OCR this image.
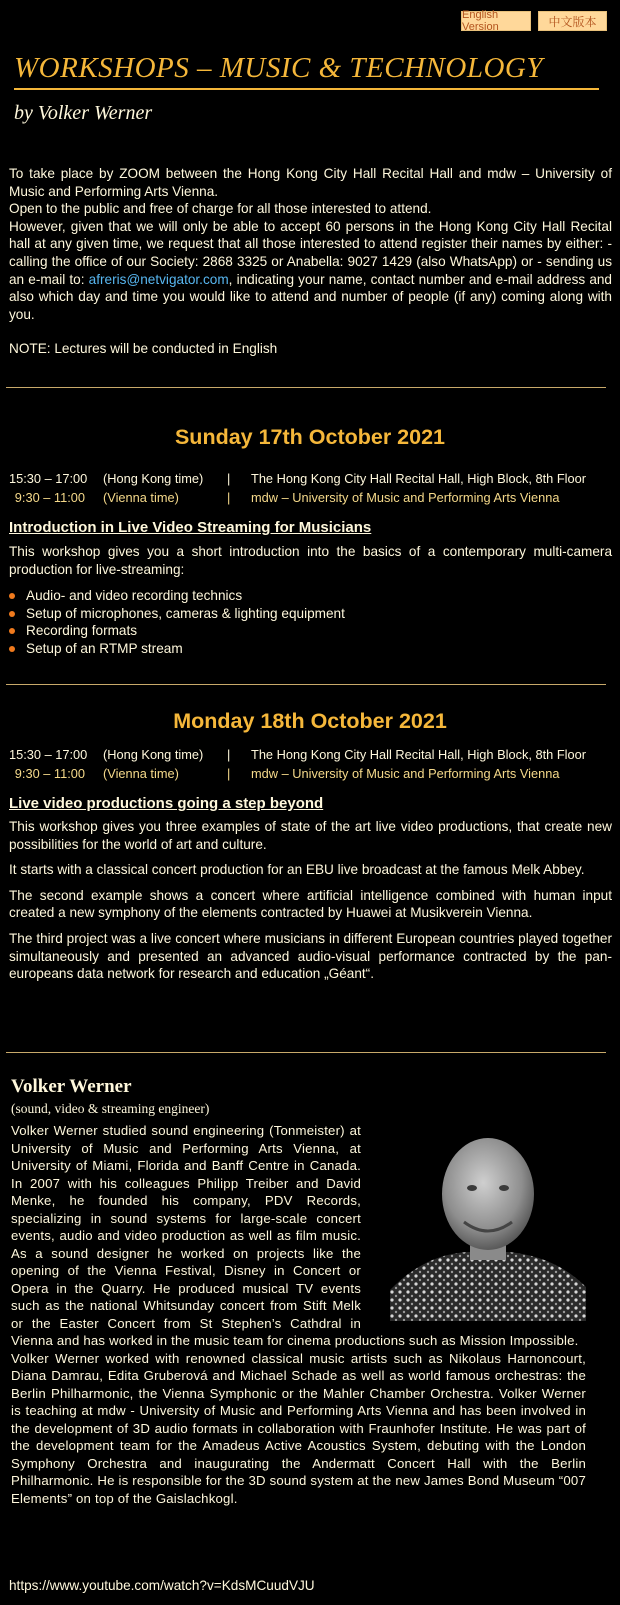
English Version	中文版本
WORKSHOPS – MUSIC & TECHNOLOGY
by Volker Werner

To take place by ZOOM between the Hong Kong City Hall Recital Hall and mdw – University of Music and Performing Arts Vienna.

Open to the public and free of charge for all those interested to attend.

However, given that we will only be able to accept 60 persons in the Hong Kong City Hall Recital hall at any given time, we request that all those interested to attend register their names by either: - calling the office of our Society: 2868 3325 or Anabella: 9027 1429 (also WhatsApp) or - sending us an e-mail to: afreris@netvigator.com, indicating your name, contact number and e-mail address and also which day and time you would like to attend and number of people (if any) coming along with you.

NOTE: Lectures will be conducted in English

Sunday 17th October 2021
15:30 – 17:00 (Hong Kong time) | The Hong Kong City Hall Recital Hall, High Block, 8th Floor
9:30 – 11:00 (Vienna time)	| mdw – University of Music and Performing Arts Vienna
Introduction in Live Video Streaming for Musicians

This workshop gives you a short introduction into the basics of a contemporary multi-camera production for live-streaming:

Audio- and video recording technics
Setup of microphones, cameras & lighting equipment
Recording formats
Setup of an RTMP stream
Monday 18th October 2021
15:30 – 17:00 (Hong Kong time) | The Hong Kong City Hall Recital Hall, High Block, 8th Floor
9:30 – 11:00 (Vienna time)	| mdw – University of Music and Performing Arts Vienna
Live video productions going a step beyond

This workshop gives you three examples of state of the art live video productions, that create new possibilities for the world of art and culture.

It starts with a classical concert production for an EBU live broadcast at the famous Melk Abbey.

The second example shows a concert where artificial intelligence combined with human input created a new symphony of the elements contracted by Huawei at Musikverein Vienna.

The third project was a live concert where musicians in different European countries played together simultaneously and presented an advanced audio-visual performance contracted by the pan-europeans data network for research and education „Géant“.

Volker Werner
(sound, video & streaming engineer)

Volker Werner studied sound engineering (Tonmeister) at University of Music and Performing Arts Vienna, at University of Miami, Florida and Banff Centre in Canada. In 2007 with his colleagues Philipp Treiber and David Menke, he founded his company, PDV Records, specializing in sound systems for large-scale concert events, audio and video production as well as film music. As a sound designer he worked on projects like the opening of the Vienna Festival, Disney in Concert or Opera in the Quarry. He produced musical TV events such as the national Whitsunday concert from Stift Melk or the Easter Concert from St Stephen’s Cathdral in Vienna and has worked in the music team for cinema productions such as Mission Impossible.

Volker Werner worked with renowned classical music artists such as Nikolaus Harnoncourt, Diana Damrau, Edita Gruberová and Michael Schade as well as world famous orchestras: the Berlin Philharmonic, the Vienna Symphonic or the Mahler Chamber Orchestra. Volker Werner is teaching at mdw - University of Music and Performing Arts Vienna and has been involved in the development of 3D audio formats in collaboration with Fraunhofer Institute. He was part of the development team for the Amadeus Active Acoustics System, debuting with the London Symphony Orchestra and inaugurating the Andermatt Concert Hall with the Berlin Philharmonic. He is responsible for the 3D sound system at the new James Bond Museum “007 Elements” on top of the Gaislachkogl.

https://www.youtube.com/watch?v=KdsMCuudVJU
